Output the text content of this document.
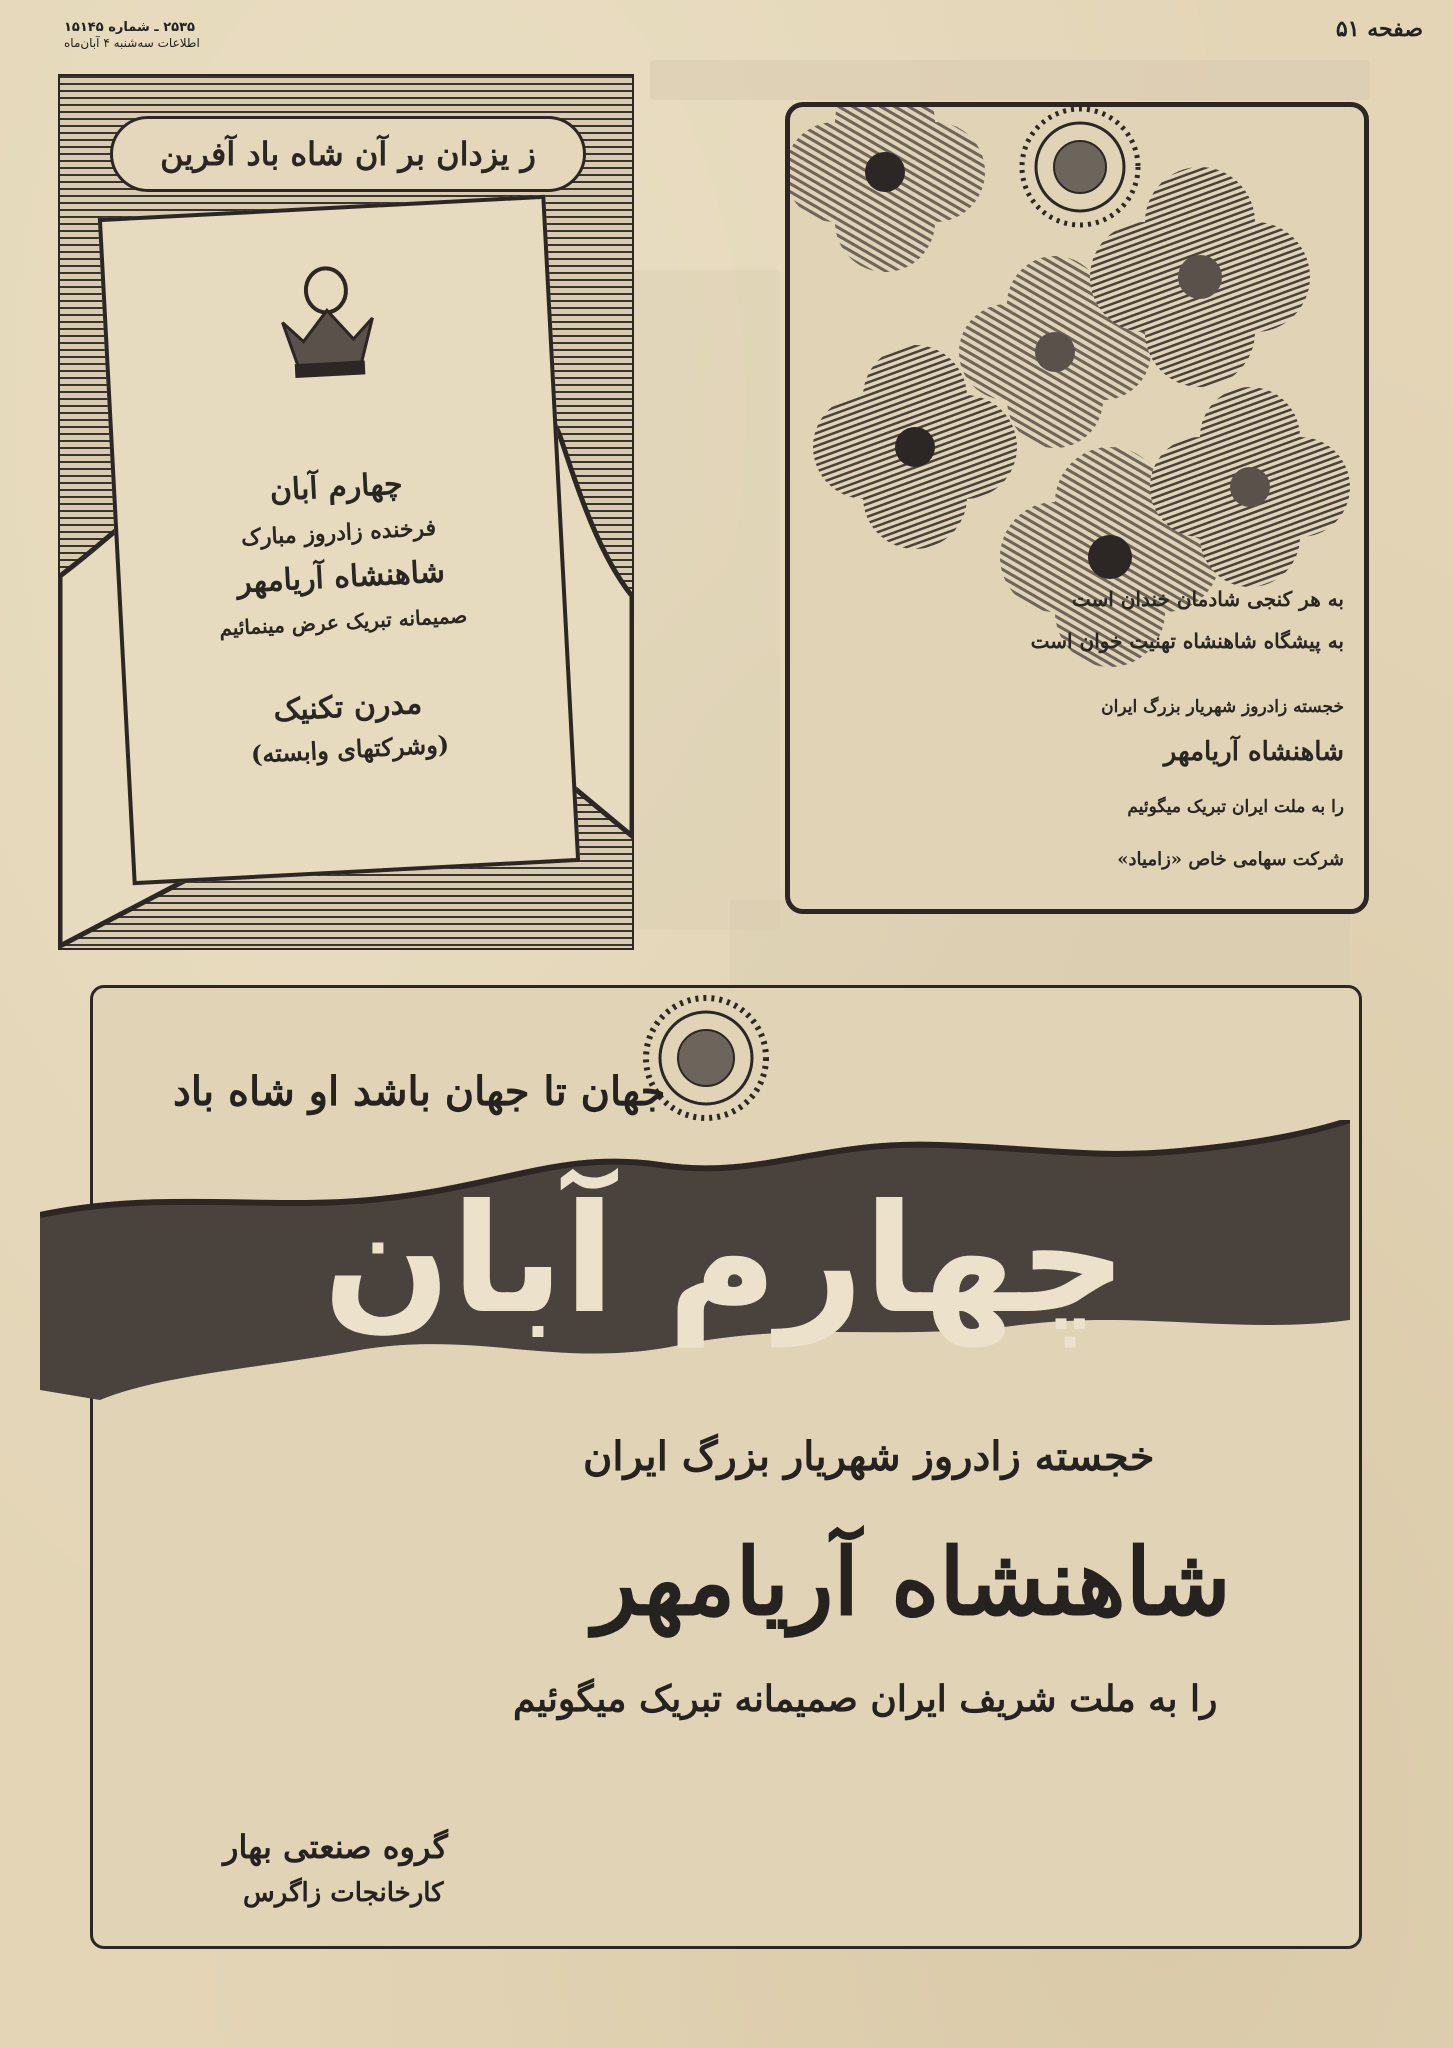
صفحه ۵۱
۲۵۳۵ ـ شماره ۱۵۱۴۵
اطلاعات سه‌شنبه ۴ آبان‌ماه
ز یزدان بر آن شاه باد آفرین
چهارم آبان
فرخنده زادروز مبارک
شاهنشاه آریامهر
صمیمانه تبریک عرض مینمائیم
مدرن تکنیک
(وشرکتهای وابسته)
به هر کنجی شادمان خندان است
به پیشگاه شاهنشاه تهنیت خوان است
خجسته زادروز شهریار بزرگ ایران
شاهنشاه آریامهر
را به ملت ایران تبریک میگوئیم
شرکت سهامی خاص «زامیاد»
جهان تا جهان باشد او شاه باد
خجسته زادروز شهریار بزرگ ایران
شاهنشاه آریامهر
را به ملت شریف ایران صمیمانه تبریک میگوئیم
گروه صنعتی بهار
کارخانجات زاگرس
چهارم آبان
